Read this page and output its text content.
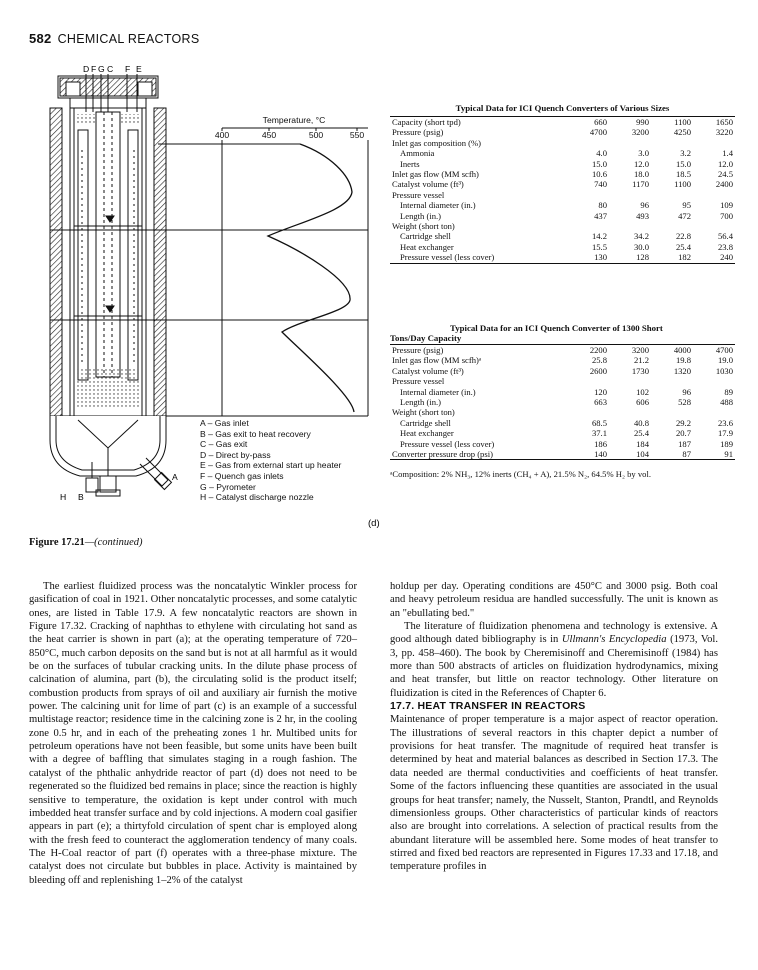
582 CHEMICAL REACTORS
D F G C F E
H B
A
Temperature, °C
400	450	500	550
(d)
A – Gas inlet
B – Gas exit to heat recovery
C – Gas exit
D – Direct by-pass
E – Gas from external start up heater
F – Quench gas inlets
G – Pyrometer
H – Catalyst discharge nozzle
Typical Data for ICI Quench Converters of Various Sizes
Capacity (short tpd)	660	990	1100	1650
Pressure (psig)	4700	3200	4250	3220
Inlet gas composition (%)				
Ammonia	4.0	3.0	3.2	1.4
Inerts	15.0	12.0	15.0	12.0
Inlet gas flow (MM scfh)	10.6	18.0	18.5	24.5
Catalyst volume (ft³)	740	1170	1100	2400
Pressure vessel				
Internal diameter (in.)	80	96	95	109
Length (in.)	437	493	472	700
Weight (short ton)				
Cartridge shell	14.2	34.2	22.8	56.4
Heat exchanger	15.5	30.0	25.4	23.8
Pressure vessel (less cover)	130	128	182	240
Typical Data for an ICI Quench Converter of 1300 Short
Tons/Day Capacity
Pressure (psig)	2200	3200	4000	4700
Inlet gas flow (MM scfh)ᵃ	25.8	21.2	19.8	19.0
Catalyst volume (ft³)	2600	1730	1320	1030
Pressure vessel				
Internal diameter (in.)	120	102	96	89
Length (in.)	663	606	528	488
Weight (short ton)				
Cartridge shell	68.5	40.8	29.2	23.6
Heat exchanger	37.1	25.4	20.7	17.9
Pressure vessel (less cover)	186	184	187	189
Converter pressure drop (psi)	140	104	87	91
ᵃComposition: 2% NH₃, 12% inerts (CH₄ + A), 21.5% N₂, 64.5% H₂ by vol.
Figure 17.21—(continued)

The earliest fluidized process was the noncatalytic Winkler process for gasification of coal in 1921. Other noncatalytic processes, and some catalytic ones, are listed in Table 17.9. A few noncatalytic reactors are shown in Figure 17.32. Cracking of naphthas to ethylene with circulating hot sand as the heat carrier is shown in part (a); at the operating temperature of 720–850°C, much carbon deposits on the sand but is not at all harmful as it would be on the surfaces of tubular cracking units. In the dilute phase process of calcination of alumina, part (b), the circulating solid is the product itself; combustion products from sprays of oil and auxiliary air furnish the motive power. The calcining unit for lime of part (c) is an example of a successful multistage reactor; residence time in the calcining zone is 2 hr, in the cooling zone 0.5 hr, and in each of the preheating zones 1 hr. Multibed units for petroleum operations have not been feasible, but some units have been built with a degree of baffling that simulates staging in a rough fashion. The catalyst of the phthalic anhydride reactor of part (d) does not need to be regenerated so the fluidized bed remains in place; since the reaction is highly sensitive to temperature, the oxidation is kept under control with much imbedded heat transfer surface and by cold injections. A modern coal gasifier appears in part (e); a thirtyfold circulation of spent char is employed along with the fresh feed to counteract the agglomeration tendency of many coals. The H-Coal reactor of part (f) operates with a three-phase mixture. The catalyst does not circulate but bubbles in place. Activity is maintained by bleeding off and replenishing 1–2% of the catalyst

holdup per day. Operating conditions are 450°C and 3000 psig. Both coal and heavy petroleum residua are handled successfully. The unit is known as an "ebullating bed."

The literature of fluidization phenomena and technology is extensive. A good although dated bibliography is in Ullmann's Encyclopedia (1973, Vol. 3, pp. 458–460). The book by Cheremisinoff and Cheremisinoff (1984) has more than 500 abstracts of articles on fluidization hydrodynamics, mixing and heat transfer, but little on reactor technology. Other literature on fluidization is cited in the References of Chapter 6.

17.7. HEAT TRANSFER IN REACTORS

Maintenance of proper temperature is a major aspect of reactor operation. The illustrations of several reactors in this chapter depict a number of provisions for heat transfer. The magnitude of required heat transfer is determined by heat and material balances as described in Section 17.3. The data needed are thermal conductivities and coefficients of heat transfer. Some of the factors influencing these quantities are associated in the usual groups for heat transfer; namely, the Nusselt, Stanton, Prandtl, and Reynolds dimensionless groups. Other characteristics of particular kinds of reactors also are brought into correlations. A selection of practical results from the abundant literature will be assembled here. Some modes of heat transfer to stirred and fixed bed reactors are represented in Figures 17.33 and 17.18, and temperature profiles in
